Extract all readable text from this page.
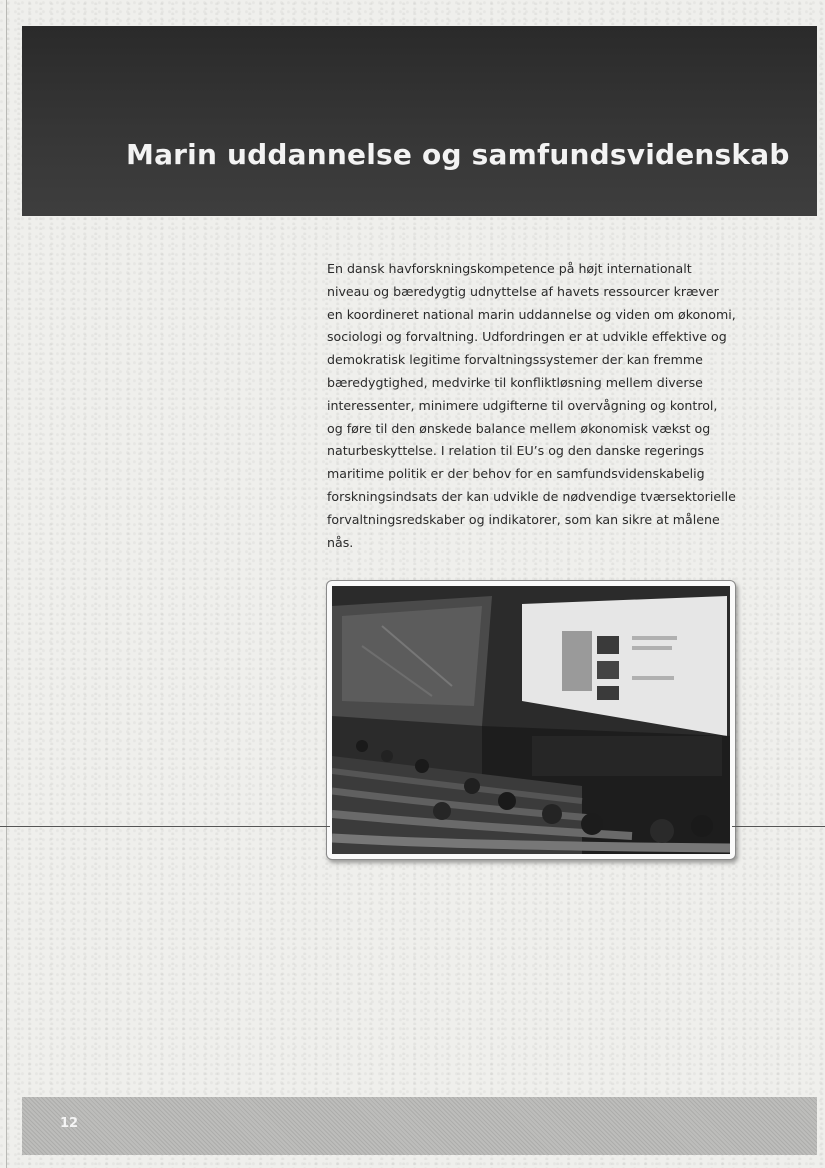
Marin uddannelse og samfundsvidenskab
En dansk havforskningskompetence på højt internationalt niveau og bæredygtig udnyttelse af havets ressourcer kræver en koordineret national marin uddannelse og viden om økonomi, sociologi og forvaltning. Udfordringen er at udvikle effektive og demokratisk legitime forvaltningssystemer der kan fremme bæredygtighed, medvirke til konfliktløsning mellem diverse interessenter, minimere udgifterne til overvågning og kontrol, og føre til den ønskede balance mellem økonomisk vækst og naturbeskyttelse. I relation til EU’s og den danske regerings maritime politik er der behov for en samfundsvidenskabelig forskningsindsats der kan udvikle de nødvendige tværsektorielle forvaltningsredskaber og indikatorer, som kan sikre at målene nås.
12
